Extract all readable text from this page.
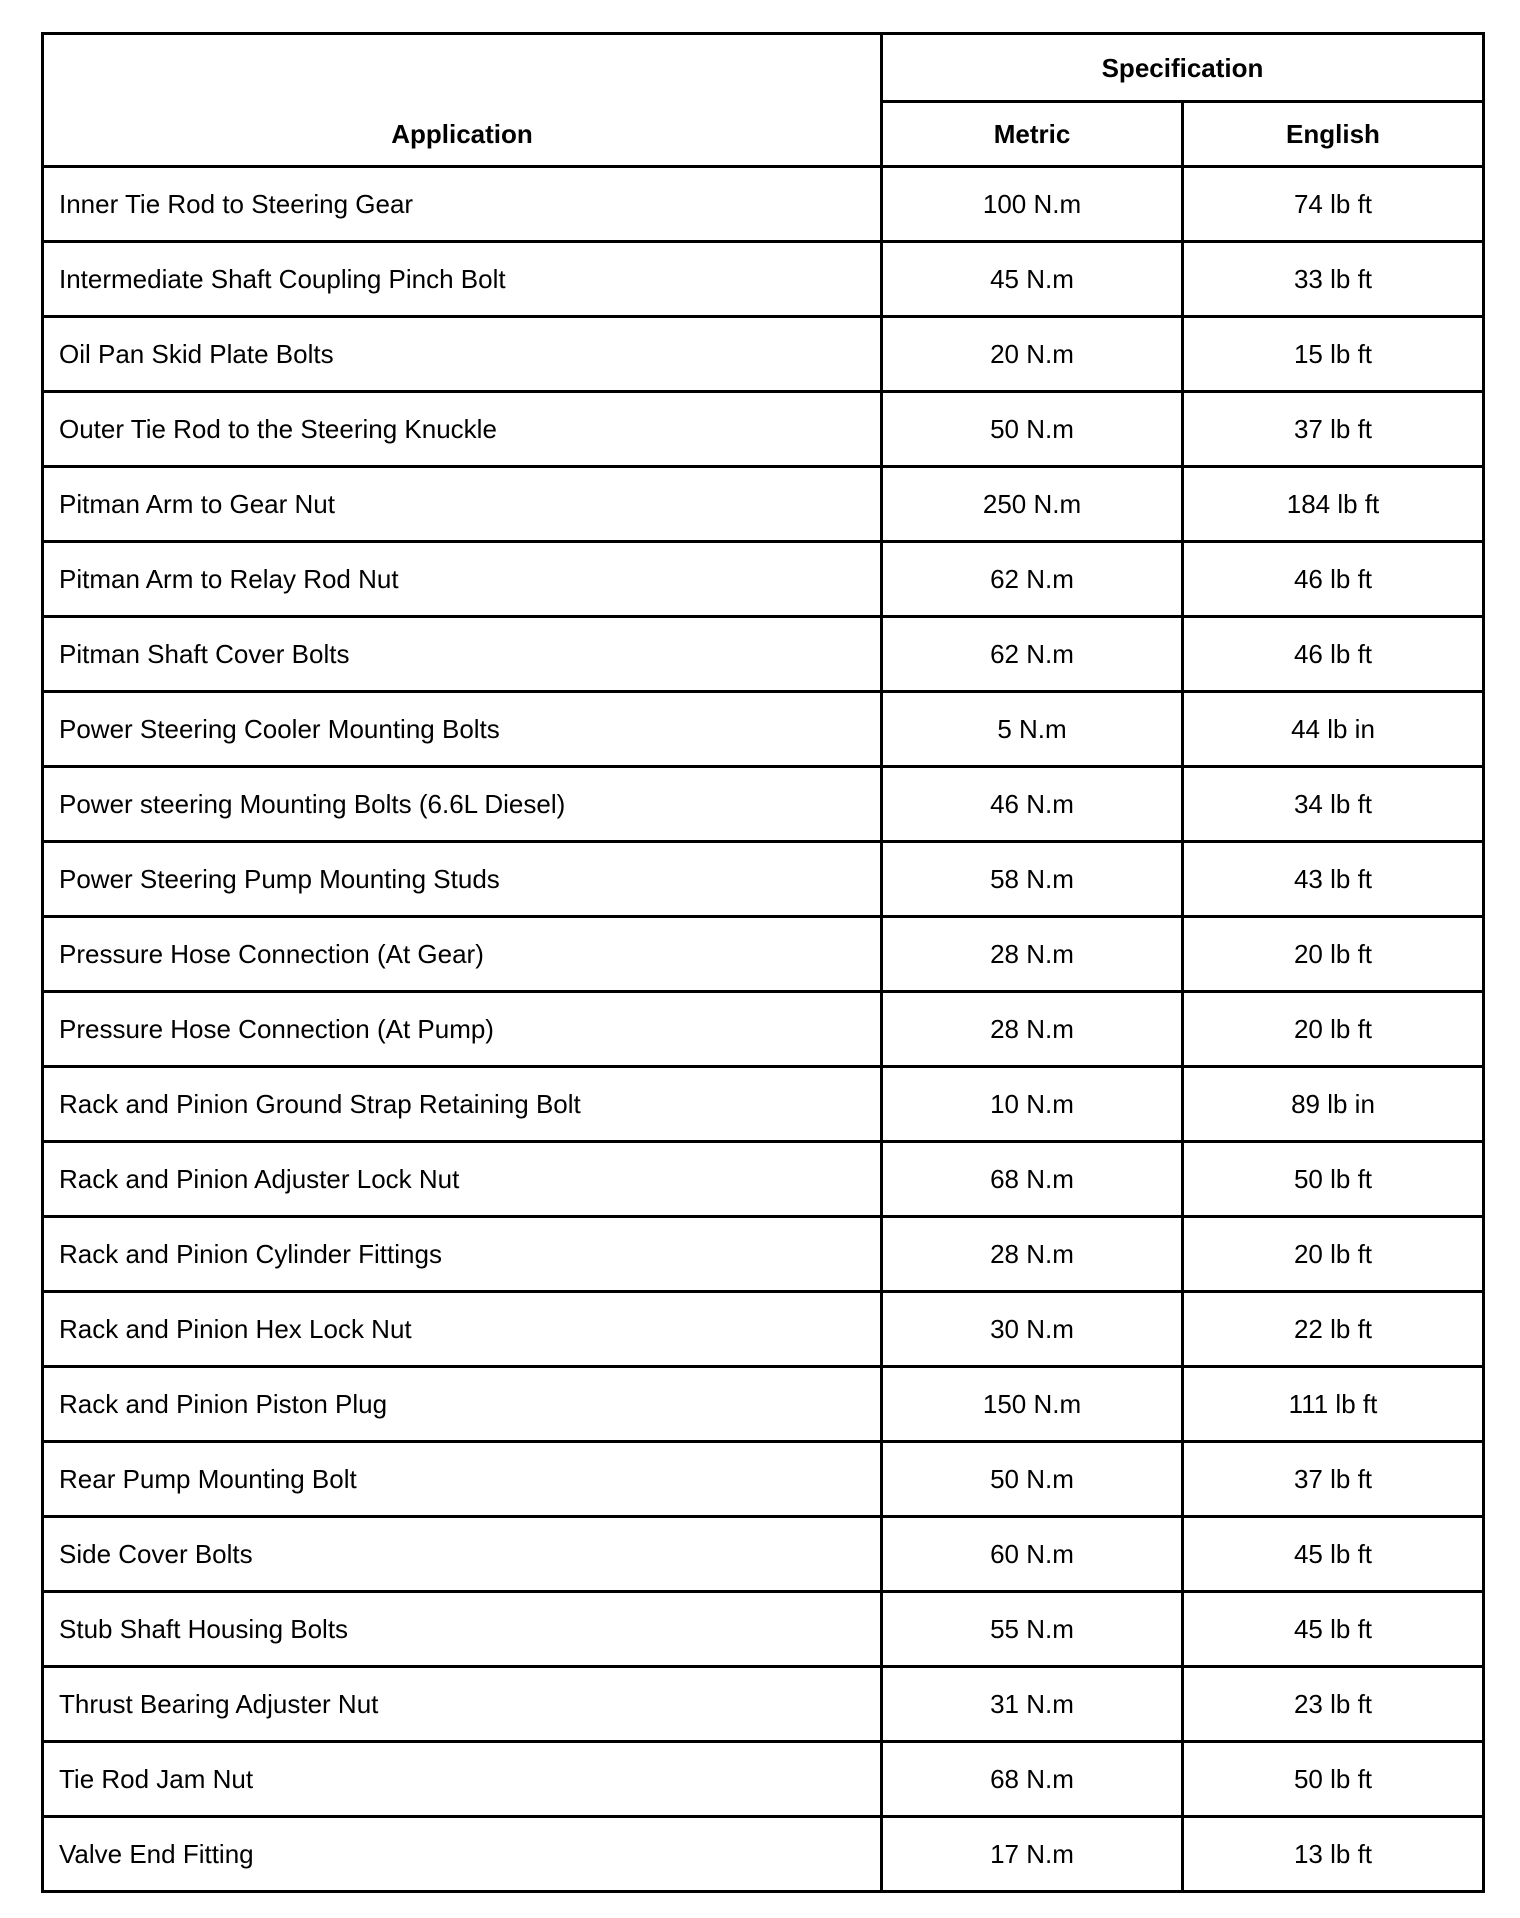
Application	Specification	
	Metric	English
Inner Tie Rod to Steering Gear	100 N.m	74 lb ft
Intermediate Shaft Coupling Pinch Bolt	45 N.m	33 lb ft
Oil Pan Skid Plate Bolts	20 N.m	15 lb ft
Outer Tie Rod to the Steering Knuckle	50 N.m	37 lb ft
Pitman Arm to Gear Nut	250 N.m	184 lb ft
Pitman Arm to Relay Rod Nut	62 N.m	46 lb ft
Pitman Shaft Cover Bolts	62 N.m	46 lb ft
Power Steering Cooler Mounting Bolts	5 N.m	44 lb in
Power steering Mounting Bolts (6.6L Diesel)	46 N.m	34 lb ft
Power Steering Pump Mounting Studs	58 N.m	43 lb ft
Pressure Hose Connection (At Gear)	28 N.m	20 lb ft
Pressure Hose Connection (At Pump)	28 N.m	20 lb ft
Rack and Pinion Ground Strap Retaining Bolt	10 N.m	89 lb in
Rack and Pinion Adjuster Lock Nut	68 N.m	50 lb ft
Rack and Pinion Cylinder Fittings	28 N.m	20 lb ft
Rack and Pinion Hex Lock Nut	30 N.m	22 lb ft
Rack and Pinion Piston Plug	150 N.m	111 lb ft
Rear Pump Mounting Bolt	50 N.m	37 lb ft
Side Cover Bolts	60 N.m	45 lb ft
Stub Shaft Housing Bolts	55 N.m	45 lb ft
Thrust Bearing Adjuster Nut	31 N.m	23 lb ft
Tie Rod Jam Nut	68 N.m	50 lb ft
Valve End Fitting	17 N.m	13 lb ft
